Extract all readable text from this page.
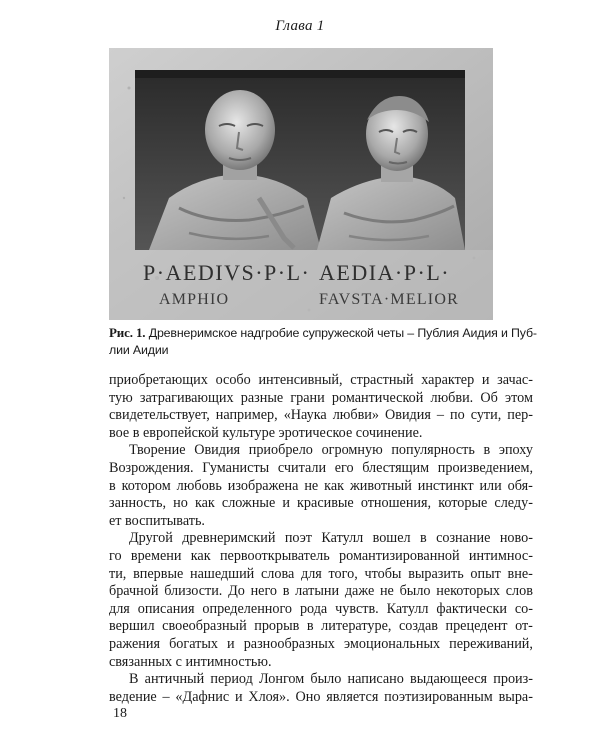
Глава 1
P·AEDIVS·P·L· AEDIA·P·L·
AMPHIO	FAVSTA·MELIOR
Рис. 1. Древнеримское надгробие супружеской четы – Публия Аидия и Пуб-
лии Аидии
приобретающих особо интенсивный, страстный характер и зачас-
тую затрагивающих разные грани романтической любви. Об этом
свидетельствует, например, «Наука любви» Овидия – по сути, пер-
вое в европейской культуре эротическое сочинение.
Творение Овидия приобрело огромную популярность в эпоху
Возрождения. Гуманисты считали его блестящим произведением,
в котором любовь изображена не как животный инстинкт или обя-
занность, но как сложные и красивые отношения, которые следу-
ет воспитывать.
Другой древнеримский поэт Катулл вошел в сознание ново-
го времени как первооткрыватель романтизированной интимнос-
ти, впервые нашедший слова для того, чтобы выразить опыт вне-
брачной близости. До него в латыни даже не было некоторых слов
для описания определенного рода чувств. Катулл фактически со-
вершил своеобразный прорыв в литературе, создав прецедент от-
ражения богатых и разнообразных эмоциональных переживаний,
связанных с интимностью.
В античный период Лонгом было написано выдающееся произ-
ведение – «Дафнис и Хлоя». Оно является поэтизированным выра-
18
